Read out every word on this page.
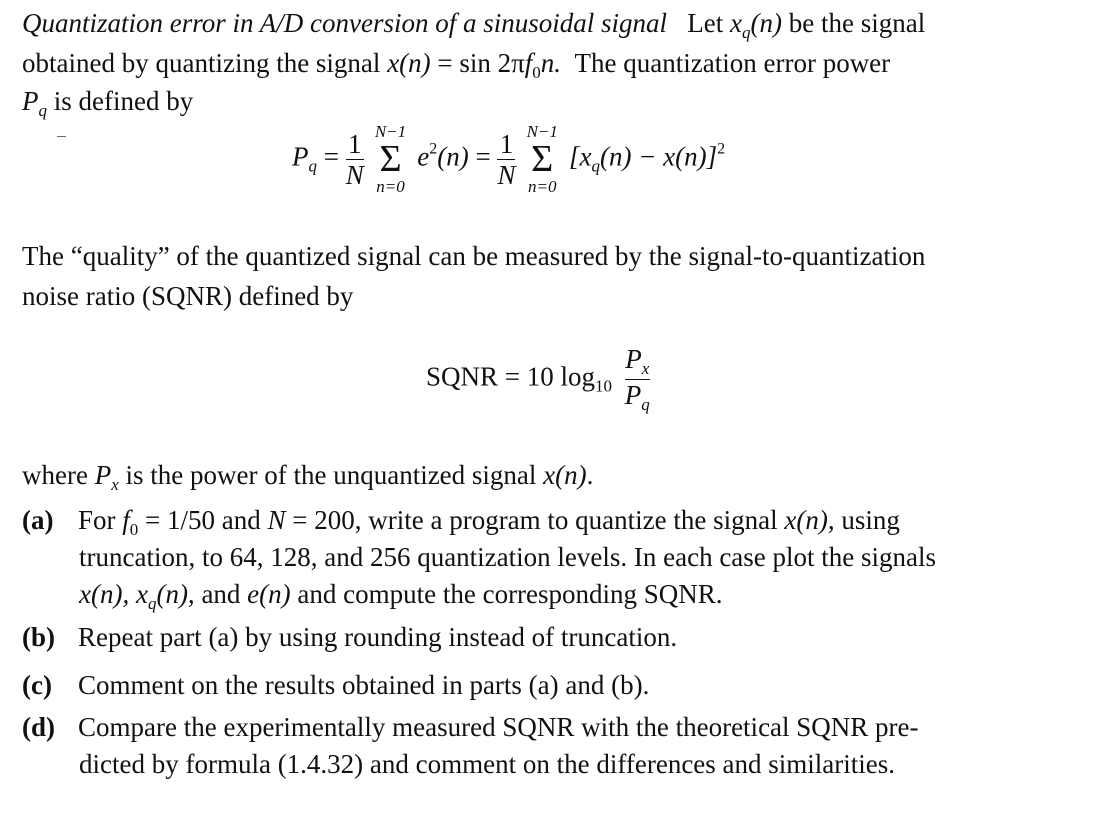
Quantization error in A/D conversion of a sinusoidal signal Let $x_q(n)$ be the signal
obtained by quantizing the signal $x(n) = \sin 2\pi f_0n$. The quantization error power
$P_q$ is defined by
$P_q = \frac{1}{N}$
N−1
Σ
n=0
$e^2(n) = \frac{1}{N}$
N−1
Σ
n=0
$[x_q(n) - x(n)]^2$
The “quality” of the quantized signal can be measured by the signal-to-quantization
noise ratio (SQNR) defined by
SQNR = 10 $\log_{10} \frac{P_x}{P_q}$
where $P_x$ is the power of the unquantized signal x(n).
(a) For $f_0 = 1/50$ and N = 200, write a program to quantize the signal x(n), using
truncation, to 64, 128, and 256 quantization levels. In each case plot the signals
x(n), $x_q(n)$, and e(n) and compute the corresponding SQNR.
(b) Repeat part (a) by using rounding instead of truncation.
(c) Comment on the results obtained in parts (a) and (b).
(d) Compare the experimentally measured SQNR with the theoretical SQNR pre-
dicted by formula (1.4.32) and comment on the differences and similarities.
